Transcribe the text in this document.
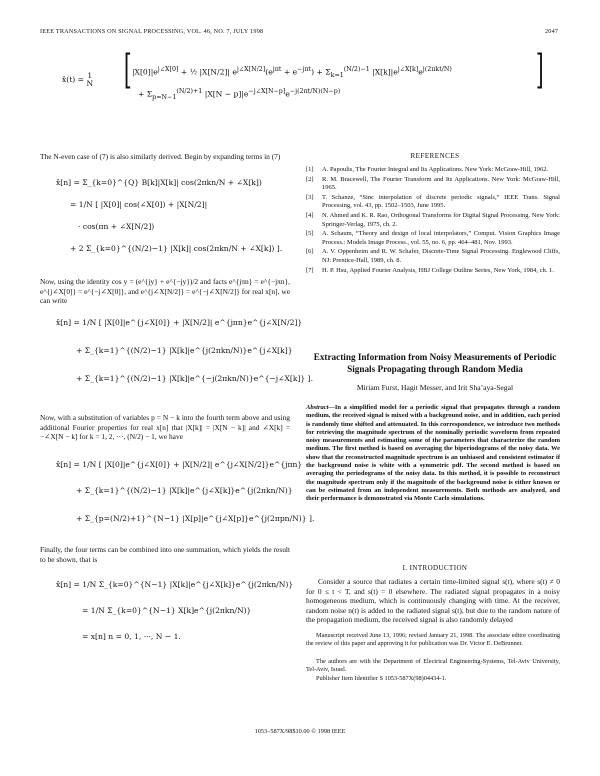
IEEE TRANSACTIONS ON SIGNAL PROCESSING, VOL. 46, NO. 7, JULY 1998	2047
x̂(t) = 1
N [ $|X[0]|e^{j\angle X[0]}$ + ½ |X[N/2]| $e^{j\angle X[N/2]}(e^{j\pi t} + e^{-j\pi t}) + \Sigma_{k=1}^{(N/2)-1}$ $|X[k]|e^{j\angle X[k]}e^{j(2\pi kt/N)}$
+ $\Sigma_{p=N-1}^{(N/2)+1}$ $|X[N - p]|e^{-j\angle X[N-p]}e^{-j(2\pi t/N)(N-p)}$	]
The N-even case of (7) is also similarly derived. Begin by expanding terms in (7)
x̂[n] = Σ_{k=0}^{Q} B[k]|X[k]| cos(2πkn/N + ∠X[k])
= 1/N [ |X[0]| cos(∠X[0]) + |X[N/2]|
· cos(πn + ∠X[N/2])
+ 2 Σ_{k=0}^{(N/2)−1} |X[k]| cos(2πkn/N + ∠X[k]) ].
Now, using the identity cos y = (e^{jy} + e^{−jy})/2 and facts e^{jπn} = e^{−jπn}, e^{j∠X[0]} = e^{−j∠X[0]}, and e^{j∠X[N/2]} = e^{−j∠X[N/2]} for real x[n], we can write
x̂[n] = 1/N [ |X[0]|e^{j∠X[0]} + |X[N/2]| e^{jπn}e^{j∠X[N/2]}
+ Σ_{k=1}^{(N/2)−1} |X[k]|e^{j(2πkn/N)}e^{j∠X[k]}
+ Σ_{k=1}^{(N/2)−1} |X[k]|e^{−j(2πkn/N)}e^{−j∠X[k]} ].
Now, with a substitution of variables p = N − k into the fourth term above and using additional Fourier properties for real x[n] that |X[k]| = |X[N − k]| and ∠X[k] = −∠X[N − k] for k = 1, 2, ···, (N/2) − 1, we have
x̂[n] = 1/N [ |X[0]|e^{j∠X[0]} + |X[N/2]| e^{j∠X[N/2]}e^{jπn}
+ Σ_{k=1}^{(N/2)−1} |X[k]|e^{j∠X[k]}e^{j(2πkn/N)}
+ Σ_{p=(N/2)+1}^{N−1} |X[p]|e^{j∠X[p]}e^{j(2πpn/N)} ].
Finally, the four terms can be combined into one summation, which yields the result to be shown, that is
x̂[n] = 1/N Σ_{k=0}^{N−1} |X[k]|e^{j∠X[k]}e^{j(2πkn/N)}
= 1/N Σ_{k=0}^{N−1} X[k]e^{j(2πkn/N)}
= x[n] n = 0, 1, ···, N − 1.
REFERENCES
[1] A. Papoulis, The Fourier Integral and Its Applications. New York: McGraw-Hill, 1962.
[2] R. M. Bracewell, The Fourier Transform and Its Applications. New York: McGraw-Hill, 1965.
[3] T. Schanze, “Sinc interpolation of discrete periodic signals,” IEEE Trans. Signal Processing, vol. 43, pp. 1502–1503, June 1995.
[4] N. Ahmed and K. R. Rao, Orthogonal Transforms for Digital Signal Processing. New York: Springer-Verlag, 1975, ch. 2.
[5] A. Schaum, “Theory and design of local interpolators,” Comput. Vision Graphics Image Process.: Models Image Process., vol. 55, no. 6, pp. 464–481, Nov. 1993.
[6] A. V. Oppenheim and R. W. Schafer, Discrete-Time Signal Processing. Englewood Cliffs, NJ: Prentice-Hall, 1989, ch. 8.
[7] H. P. Hsu, Applied Fourier Analysis, HBJ College Outline Series, New York, 1984, ch. 1.
Extracting Information from Noisy Measurements of Periodic Signals Propagating through Random Media
Miriam Furst, Hagit Messer, and Irit Sha’aya-Segal
Abstract—In a simplified model for a periodic signal that propagates through a random medium, the received signal is mixed with a background noise, and in addition, each period is randomly time shifted and attenuated. In this correspondence, we introduce two methods for retrieving the magnitude spectrum of the nominally periodic waveform from repeated noisy measurements and estimating some of the parameters that characterize the random medium. The first method is based on averaging the biperiodograms of the noisy data. We show that the reconstructed magnitude spectrum is an unbiased and consistent estimator if the background noise is white with a symmetric pdf. The second method is based on averaging the periodograms of the noisy data. In this method, it is possible to reconstruct the magnitude spectrum only if the magnitude of the background noise is either known or can be estimated from an independent measurements. Both methods are analyzed, and their performance is demonstrated via Monte Carlo simulations.
I. INTRODUCTION
Consider a source that radiates a certain time-limited signal s(t), where s(t) ≠ 0 for 0 ≤ t < T, and s(t) = 0 elsewhere. The radiated signal propagates in a noisy homogeneous medium, which is continuously changing with time. At the receiver, random noise n(t) is added to the radiated signal s(t), but due to the random nature of the propagation medium, the received signal is also randomly delayed
Manuscript received June 13, 1996; revised January 21, 1998. The associate editor coordinating the review of this paper and approving it for publication was Dr. Victor E. DeBrunner.
The authors are with the Department of Electrical Engineering-Systems, Tel-Aviv University, Tel-Aviv, Israel.
Publisher Item Identifier S 1053-587X(98)04434-1.
1053–587X/98$10.00 © 1998 IEEE
